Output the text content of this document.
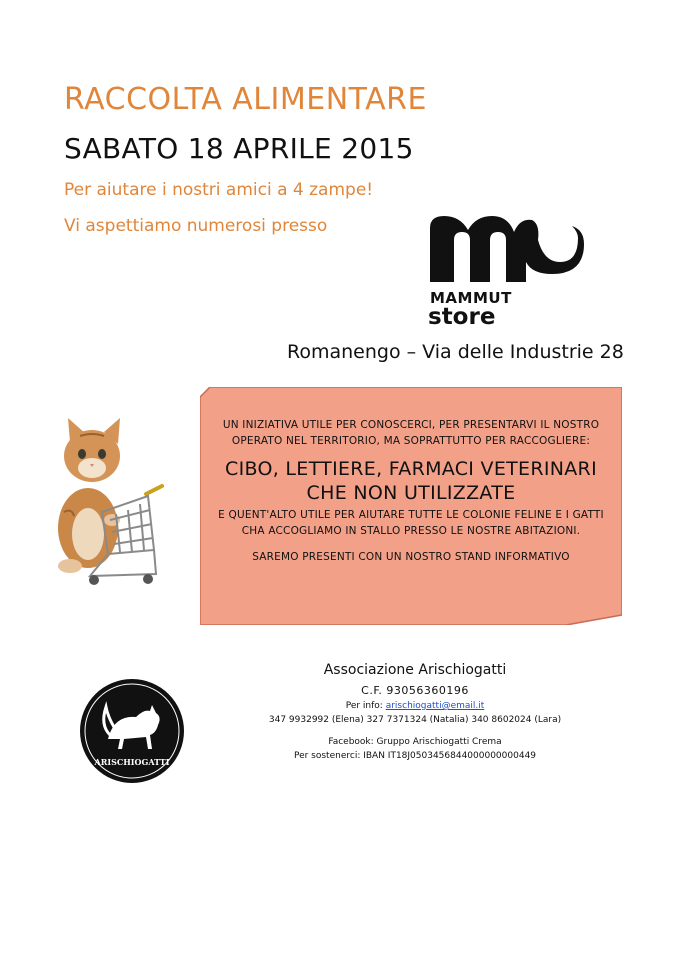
RACCOLTA ALIMENTARE
SABATO 18 APRILE 2015
Per aiutare i nostri amici a 4 zampe!
Vi aspettiamo numerosi presso
MAMMUT
store
Romanengo – Via delle Industrie 28
UN INIZIATIVA UTILE PER CONOSCERCI, PER PRESENTARVI IL NOSTRO OPERATO NEL TERRITORIO, MA SOPRATTUTTO PER RACCOGLIERE:
CIBO, LETTIERE, FARMACI VETERINARI
CHE NON UTILIZZATE
E QUENT'ALTO UTILE PER AIUTARE TUTTE LE COLONIE FELINE E I GATTI CHA ACCOGLIAMO IN STALLO PRESSO LE NOSTRE ABITAZIONI.
SAREMO PRESENTI CON UN NOSTRO STAND INFORMATIVO
ARISCHIOGATTI
Associazione Arischiogatti
C.F. 93056360196
Per info: arischiogatti@email.it
347 9932992 (Elena) 327 7371324 (Natalia) 340 8602024 (Lara)
Facebook: Gruppo Arischiogatti Crema
Per sostenerci: IBAN IT18J0503456844000000000449
